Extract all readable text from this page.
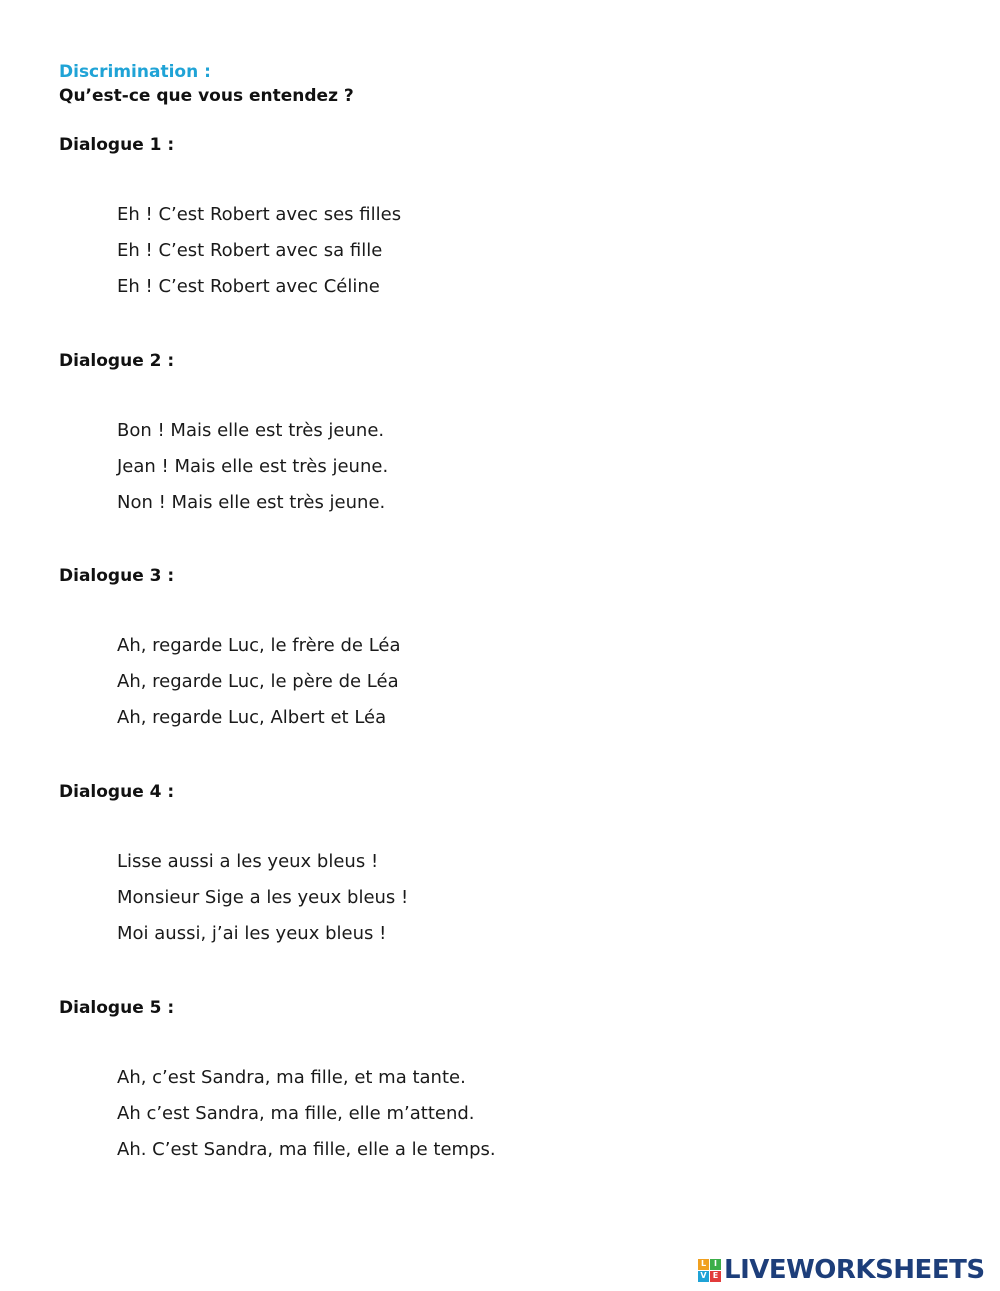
Discrimination :
Qu’est-ce que vous entendez ?
Dialogue 1 :
Eh ! C’est Robert avec ses filles
Eh ! C’est Robert avec sa fille
Eh ! C’est Robert avec Céline
Dialogue 2 :
Bon ! Mais elle est très jeune.
Jean ! Mais elle est très jeune.
Non ! Mais elle est très jeune.
Dialogue 3 :
Ah, regarde Luc, le frère de Léa
Ah, regarde Luc, le père de Léa
Ah, regarde Luc, Albert et Léa
Dialogue 4 :
Lisse aussi a les yeux bleus !
Monsieur Sige a les yeux bleus !
Moi aussi, j’ai les yeux bleus !
Dialogue 5 :
Ah, c’est Sandra, ma fille, et ma tante.
Ah c’est Sandra, ma fille, elle m’attend.
Ah. C’est Sandra, ma fille, elle a le temps.
L I
V E LIVEWORKSHEETS
